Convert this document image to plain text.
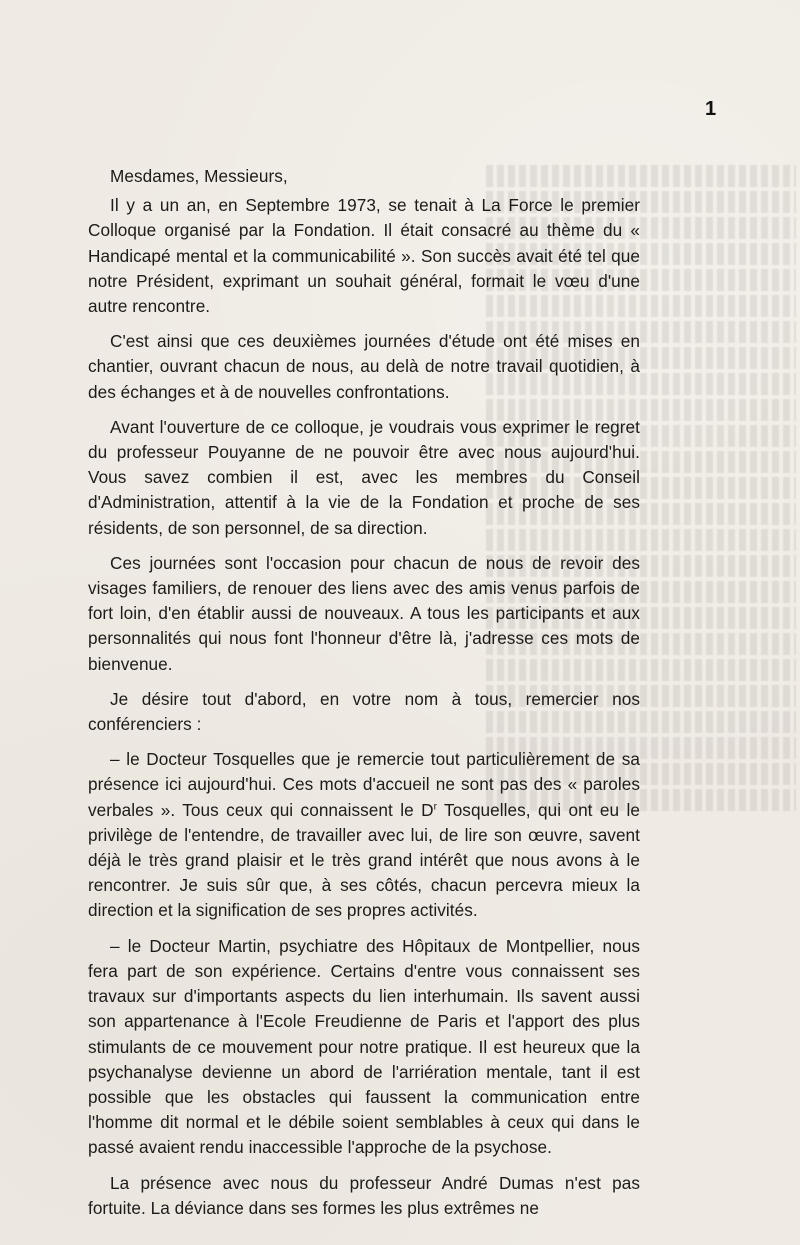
1

Mesdames, Messieurs,

Il y a un an, en Septembre 1973, se tenait à La Force le premier Colloque organisé par la Fondation. Il était consacré au thème du « Handicapé mental et la communicabilité ». Son succès avait été tel que notre Président, exprimant un souhait général, formait le vœu d'une autre rencontre.

C'est ainsi que ces deuxièmes journées d'étude ont été mises en chantier, ouvrant chacun de nous, au delà de notre travail quotidien, à des échanges et à de nouvelles confrontations.

Avant l'ouverture de ce colloque, je voudrais vous exprimer le regret du professeur Pouyanne de ne pouvoir être avec nous aujourd'hui. Vous savez combien il est, avec les membres du Conseil d'Administration, attentif à la vie de la Fondation et proche de ses résidents, de son personnel, de sa direction.

Ces journées sont l'occasion pour chacun de nous de revoir des visages familiers, de renouer des liens avec des amis venus parfois de fort loin, d'en établir aussi de nouveaux. A tous les participants et aux personnalités qui nous font l'honneur d'être là, j'adresse ces mots de bienvenue.

Je désire tout d'abord, en votre nom à tous, remercier nos conférenciers :

– le Docteur Tosquelles que je remercie tout particulièrement de sa présence ici aujourd'hui. Ces mots d'accueil ne sont pas des « paroles verbales ». Tous ceux qui connaissent le $D^r$ Tosquelles, qui ont eu le privilège de l'entendre, de travailler avec lui, de lire son œuvre, savent déjà le très grand plaisir et le très grand intérêt que nous avons à le rencontrer. Je suis sûr que, à ses côtés, chacun percevra mieux la direction et la signification de ses propres activités.

– le Docteur Martin, psychiatre des Hôpitaux de Montpellier, nous fera part de son expérience. Certains d'entre vous connaissent ses travaux sur d'importants aspects du lien interhumain. Ils savent aussi son appartenance à l'Ecole Freudienne de Paris et l'apport des plus stimulants de ce mouvement pour notre pratique. Il est heureux que la psychanalyse devienne un abord de l'arriération mentale, tant il est possible que les obstacles qui faussent la communication entre l'homme dit normal et le débile soient semblables à ceux qui dans le passé avaient rendu inaccessible l'approche de la psychose.

La présence avec nous du professeur André Dumas n'est pas fortuite. La déviance dans ses formes les plus extrêmes ne
